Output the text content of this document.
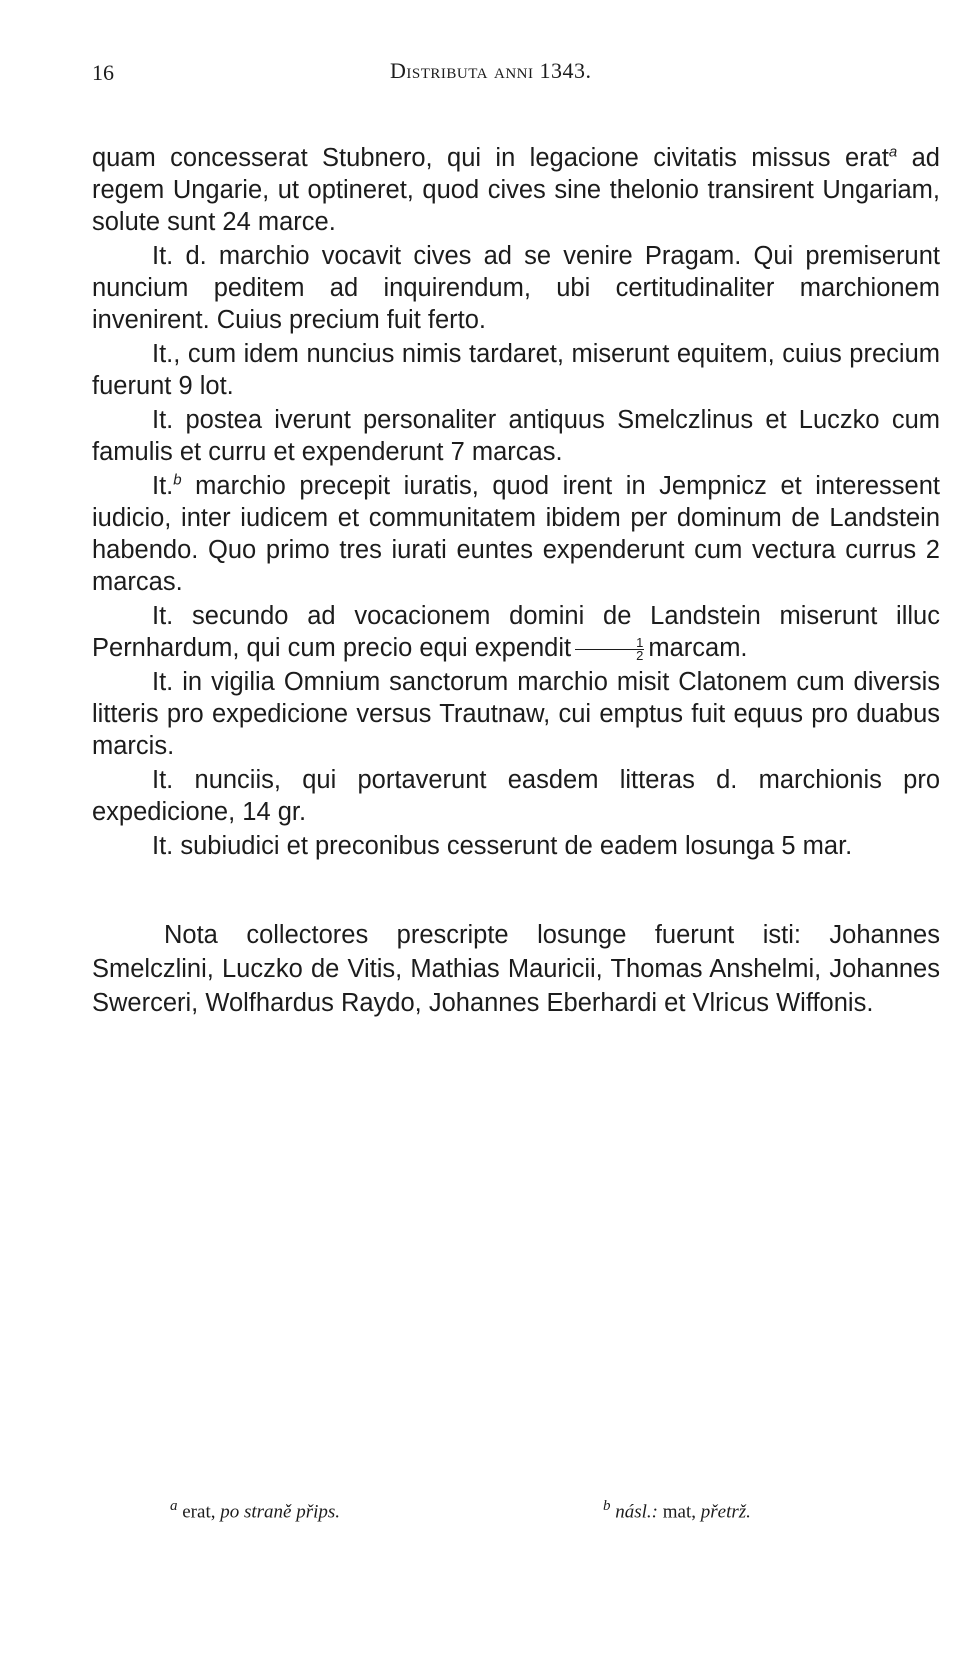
16	Distributa anni 1343.

quam concesserat Stubnero, qui in legacione civitatis missus erat$^a$ ad regem Ungarie, ut optineret, quod cives sine thelonio transirent Ungariam, solute sunt 24 marce.

It. d. marchio vocavit cives ad se venire Pragam. Qui premiserunt nuncium peditem ad inquirendum, ubi certitudinaliter marchionem invenirent. Cuius precium fuit ferto.

It., cum idem nuncius nimis tardaret, miserunt equitem, cuius precium fuerunt 9 lot.

It. postea iverunt personaliter antiquus Smelczlinus et Luczko cum famulis et curru et expenderunt 7 marcas.

It.$^b$ marchio precepit iuratis, quod irent in Jempnicz et interessent iudicio, inter iudicem et communitatem ibidem per dominum de Landstein habendo. Quo primo tres iurati euntes expenderunt cum vectura currus 2 marcas.

It. secundo ad vocacionem domini de Landstein miserunt illuc Pernhardum, qui cum precio equi expendit $\frac{1}{2}$ marcam.

It. in vigilia Omnium sanctorum marchio misit Clatonem cum diversis litteris pro expedicione versus Trautnaw, cui emptus fuit equus pro duabus marcis.

It. nunciis, qui portaverunt easdem litteras d. marchionis pro expedicione, 14 gr.

It. subiudici et preconibus cesserunt de eadem losunga 5 mar.

Nota collectores prescripte losunge fuerunt isti: Johannes Smelczlini, Luczko de Vitis, Mathias Mauricii, Thomas Anshelmi, Johannes Swerceri, Wolfhardus Raydo, Johannes Eberhardi et Vlricus Wiffonis.

$^a$ erat, po straně přips.	$^b$ násl.: mat, přetrž.
